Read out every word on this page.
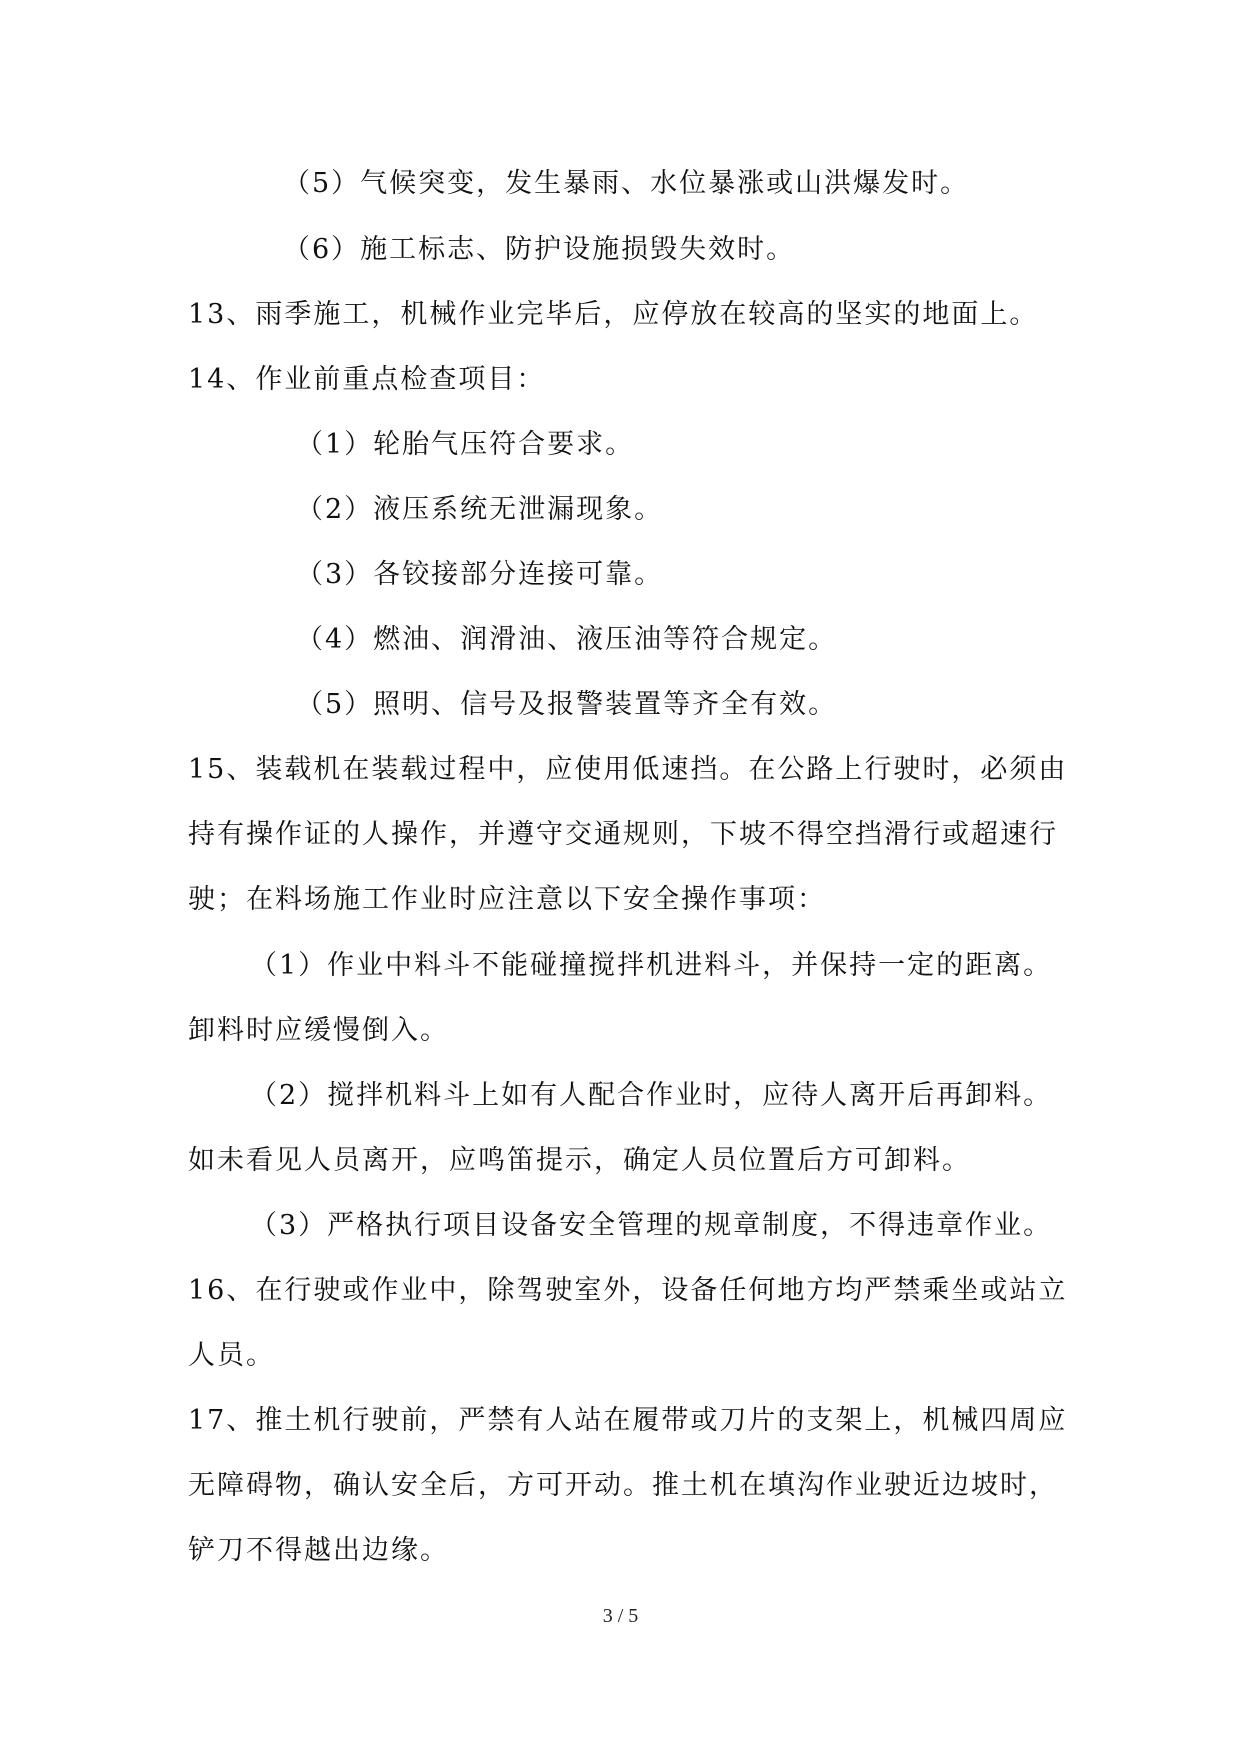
（5）气候突变，发生暴雨、水位暴涨或山洪爆发时。

（6）施工标志、防护设施损毁失效时。

13、雨季施工，机械作业完毕后，应停放在较高的坚实的地面上。

14、作业前重点检查项目：

（1）轮胎气压符合要求。

（2）液压系统无泄漏现象。

（3）各铰接部分连接可靠。

（4）燃油、润滑油、液压油等符合规定。

（5）照明、信号及报警装置等齐全有效。

15、装载机在装载过程中，应使用低速挡。在公路上行驶时，必须由

持有操作证的人操作，并遵守交通规则，下坡不得空挡滑行或超速行

驶；在料场施工作业时应注意以下安全操作事项：

（1）作业中料斗不能碰撞搅拌机进料斗，并保持一定的距离。

卸料时应缓慢倒入。

（2）搅拌机料斗上如有人配合作业时，应待人离开后再卸料。

如未看见人员离开，应鸣笛提示，确定人员位置后方可卸料。

（3）严格执行项目设备安全管理的规章制度，不得违章作业。

16、在行驶或作业中，除驾驶室外，设备任何地方均严禁乘坐或站立

人员。

17、推土机行驶前，严禁有人站在履带或刀片的支架上，机械四周应

无障碍物，确认安全后，方可开动。推土机在填沟作业驶近边坡时，

铲刀不得越出边缘。

3 / 5
